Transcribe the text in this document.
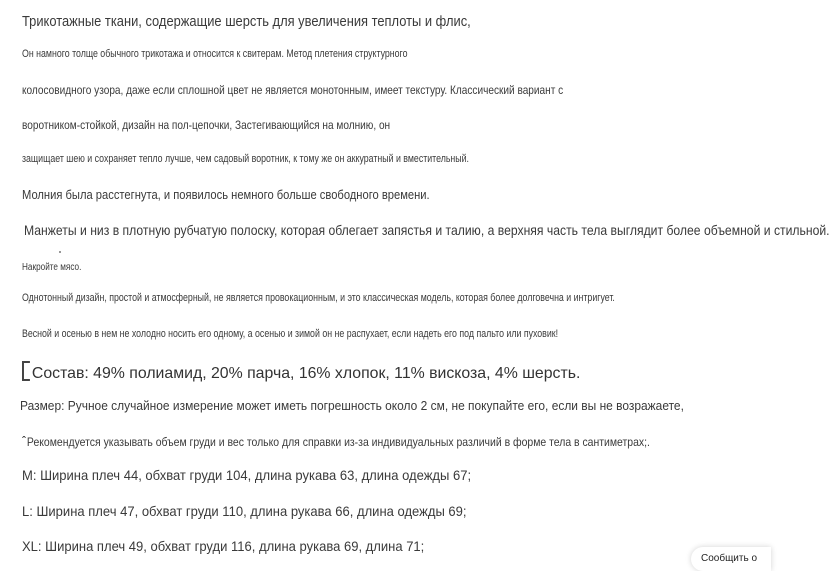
Трикотажные ткани, содержащие шерсть для увеличения теплоты и флис,
Он намного толще обычного трикотажа и относится к свитерам. Метод плетения структурного
колосовидного узора, даже если сплошной цвет не является монотонным, имеет текстуру. Классический вариант с
воротником-стойкой, дизайн на пол-цепочки, Застегивающийся на молнию, он
защищает шею и сохраняет тепло лучше, чем садовый воротник, к тому же он аккуратный и вместительный.
Молния была расстегнута, и появилось немного больше свободного времени.
Манжеты и низ в плотную рубчатую полоску, которая облегает запястья и талию, а верхняя часть тела выглядит более объемной и стильной.
Накройте мясо.
Однотонный дизайн, простой и атмосферный, не является провокационным, и это классическая модель, которая более долговечна и интригует.
Весной и осенью в нем не холодно носить его одному, а осенью и зимой он не распухает, если надеть его под пальто или пуховик!
Состав: 49% полиамид, 20% парча, 16% хлопок, 11% вискоза, 4% шерсть.
Размер: Ручное случайное измерение может иметь погрешность около 2 см, не покупайте его, если вы не возражаете,
ˆРекомендуется указывать объем груди и вес только для справки из-за индивидуальных различий в форме тела в сантиметрах;.
M: Ширина плеч 44, обхват груди 104, длина рукава 63, длина одежды 67;
L: Ширина плеч 47, обхват груди 110, длина рукава 66, длина одежды 69;
XL: Ширина плеч 49, обхват груди 116, длина рукава 69, длина 71;
Сообщить о
